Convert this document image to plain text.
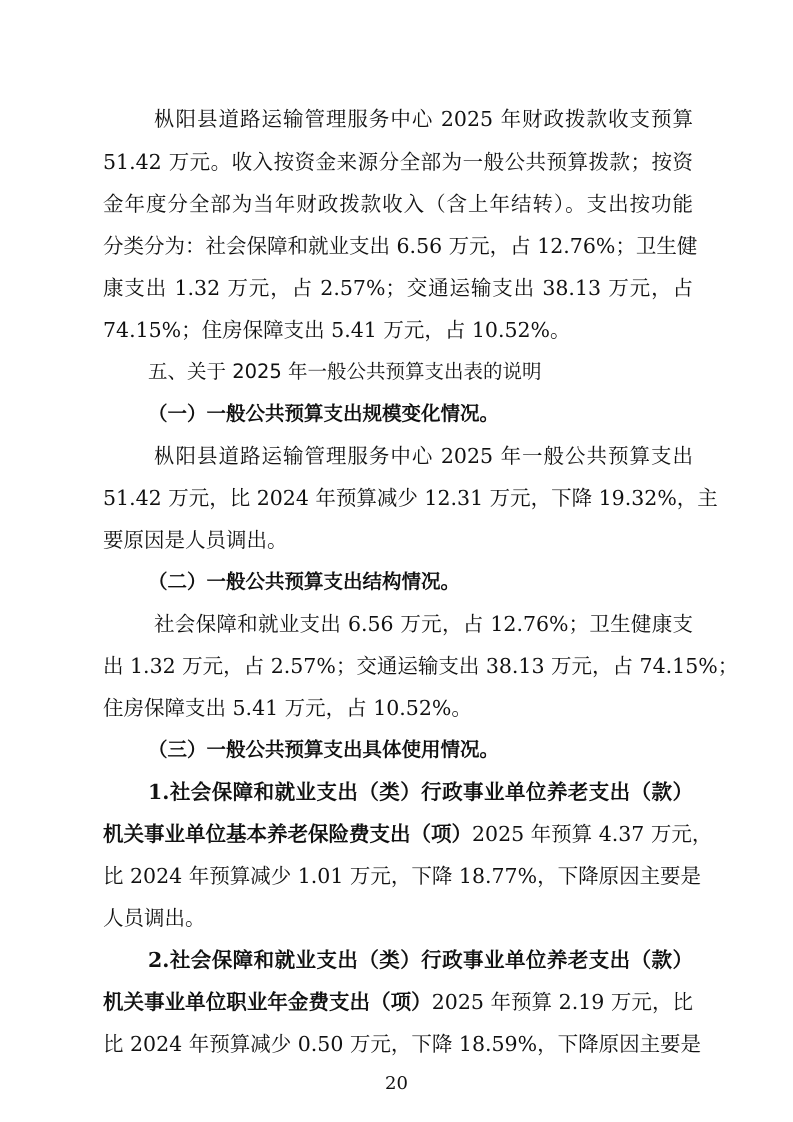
枞阳县道路运输管理服务中心 2025 年财政拨款收支预算
51.42 万元。收入按资金来源分全部为一般公共预算拨款；按资
金年度分全部为当年财政拨款收入（含上年结转）。支出按功能
分类分为：社会保障和就业支出 6.56 万元，占 12.76%；卫生健
康支出 1.32 万元，占 2.57%；交通运输支出 38.13 万元，占
74.15%；住房保障支出 5.41 万元，占 10.52%。
五、关于 2025 年一般公共预算支出表的说明
（一）一般公共预算支出规模变化情况。
枞阳县道路运输管理服务中心 2025 年一般公共预算支出
51.42 万元，比 2024 年预算减少 12.31 万元，下降 19.32%，主
要原因是人员调出。
（二）一般公共预算支出结构情况。
社会保障和就业支出 6.56 万元，占 12.76%；卫生健康支
出 1.32 万元，占 2.57%；交通运输支出 38.13 万元，占 74.15%；
住房保障支出 5.41 万元，占 10.52%。
（三）一般公共预算支出具体使用情况。
1.社会保障和就业支出（类）行政事业单位养老支出（款）
机关事业单位基本养老保险费支出（项）2025 年预算 4.37 万元，
比 2024 年预算减少 1.01 万元，下降 18.77%，下降原因主要是
人员调出。
2.社会保障和就业支出（类）行政事业单位养老支出（款）
机关事业单位职业年金费支出（项）2025 年预算 2.19 万元，比
比 2024 年预算减少 0.50 万元，下降 18.59%，下降原因主要是
20
